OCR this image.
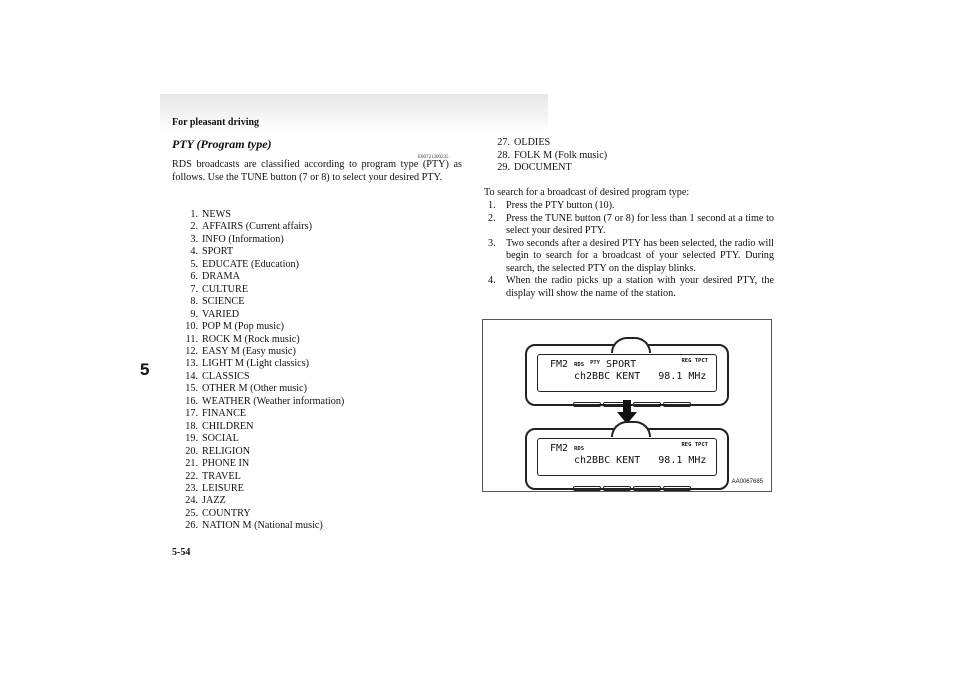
For pleasant driving
5
5-54
PTY (Program type)
E00721300235
RDS broadcasts are classified according to program type (PTY) as follows. Use the TUNE button (7 or 8) to select your desired PTY.
1. NEWS
2. AFFAIRS (Current affairs)
3. INFO (Information)
4. SPORT
5. EDUCATE (Education)
6. DRAMA
7. CULTURE
8. SCIENCE
9. VARIED
10. POP M (Pop music)
11. ROCK M (Rock music)
12. EASY M (Easy music)
13. LIGHT M (Light classics)
14. CLASSICS
15. OTHER M (Other music)
16. WEATHER (Weather information)
17. FINANCE
18. CHILDREN
19. SOCIAL
20. RELIGION
21. PHONE IN
22. TRAVEL
23. LEISURE
24. JAZZ
25. COUNTRY
26. NATION M (National music)
27. OLDIES
28. FOLK M (Folk music)
29. DOCUMENT
To search for a broadcast of desired program type:
1. Press the PTY button (10).
2. Press the TUNE button (7 or 8) for less than 1 second at a time to select your desired PTY.
3. Two seconds after a desired PTY has been selected, the radio will begin to search for a broadcast of your selected PTY. During search, the selected PTY on the display blinks.
4. When the radio picks up a station with your desired PTY, the display will show the name of the station.
FM2 RDS $^{PTY}$ SPORT	REG TPCT
ch2BBC KENT   98.1 MHz
FM2 RDS
REG TPCT
ch2BBC KENT   98.1 MHz
AA0067685
